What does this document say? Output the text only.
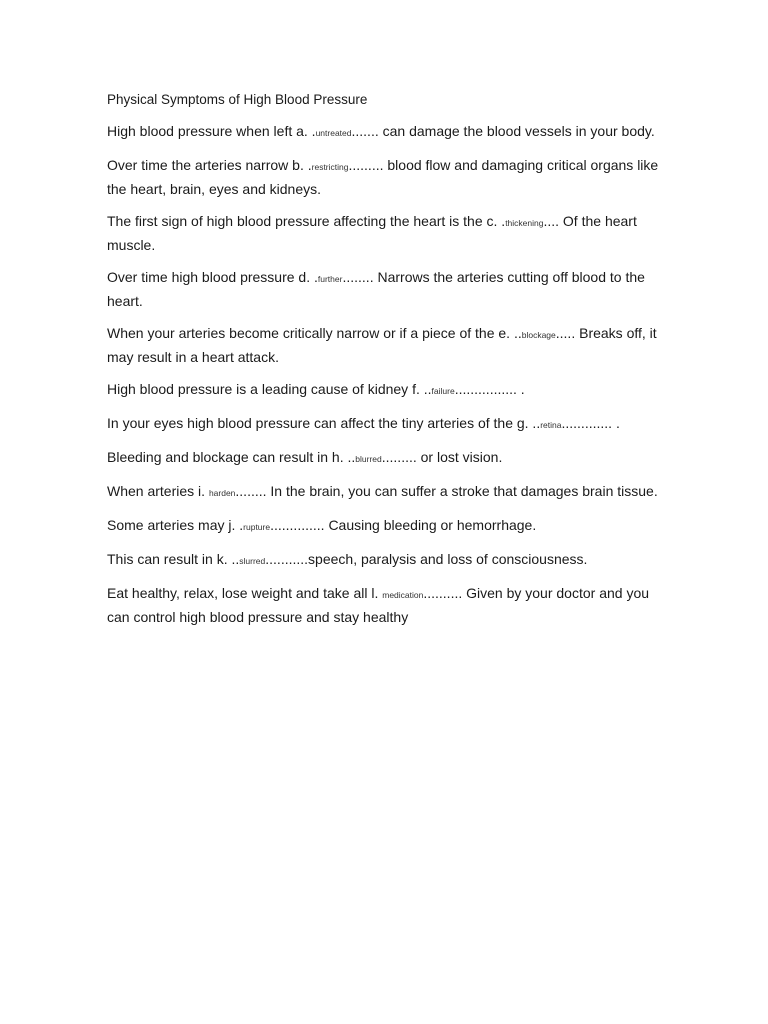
Physical Symptoms of High Blood Pressure

High blood pressure when left a. .untreated....... can damage the blood vessels in your body.

Over time the arteries narrow b. .restricting......... blood flow and damaging critical organs like the heart, brain, eyes and kidneys.

The first sign of high blood pressure affecting the heart is the c. .thickening.... Of the heart muscle.

Over time high blood pressure d. .further........ Narrows the arteries cutting off blood to the heart.

When your arteries become critically narrow or if a piece of the e. ..blockage..... Breaks off, it may result in a heart attack.

High blood pressure is a leading cause of kidney f. ..failure................ .

In your eyes high blood pressure can affect the tiny arteries of the g. ..retina............. .

Bleeding and blockage can result in h. ..blurred......... or lost vision.

When arteries i. harden........ In the brain, you can suffer a stroke that damages brain tissue.

Some arteries may j. .rupture.............. Causing bleeding or hemorrhage.

This can result in k. ..slurred...........speech, paralysis and loss of consciousness.

Eat healthy, relax, lose weight and take all l. medication.......... Given by your doctor and you can control high blood pressure and stay healthy
